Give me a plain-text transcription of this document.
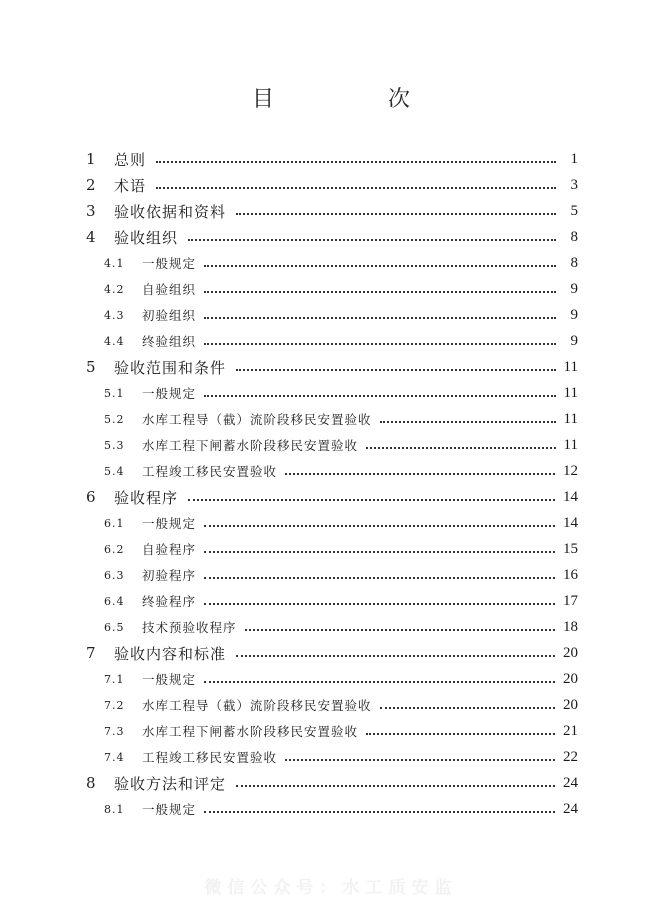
目　次
1	总则	1
2	术语	3
3	验收依据和资料	5
4	验收组织	8
4.1	一般规定	8
4.2	自验组织	9
4.3	初验组织	9
4.4	终验组织	9
5	验收范围和条件	11
5.1	一般规定	11
5.2	水库工程导（截）流阶段移民安置验收	11
5.3	水库工程下闸蓄水阶段移民安置验收	11
5.4	工程竣工移民安置验收	12
6	验收程序	14
6.1	一般规定	14
6.2	自验程序	15
6.3	初验程序	16
6.4	终验程序	17
6.5	技术预验收程序	18
7	验收内容和标准	20
7.1	一般规定	20
7.2	水库工程导（截）流阶段移民安置验收	20
7.3	水库工程下闸蓄水阶段移民安置验收	21
7.4	工程竣工移民安置验收	22
8	验收方法和评定	24
8.1	一般规定	24
微信公众号：水工质安监
